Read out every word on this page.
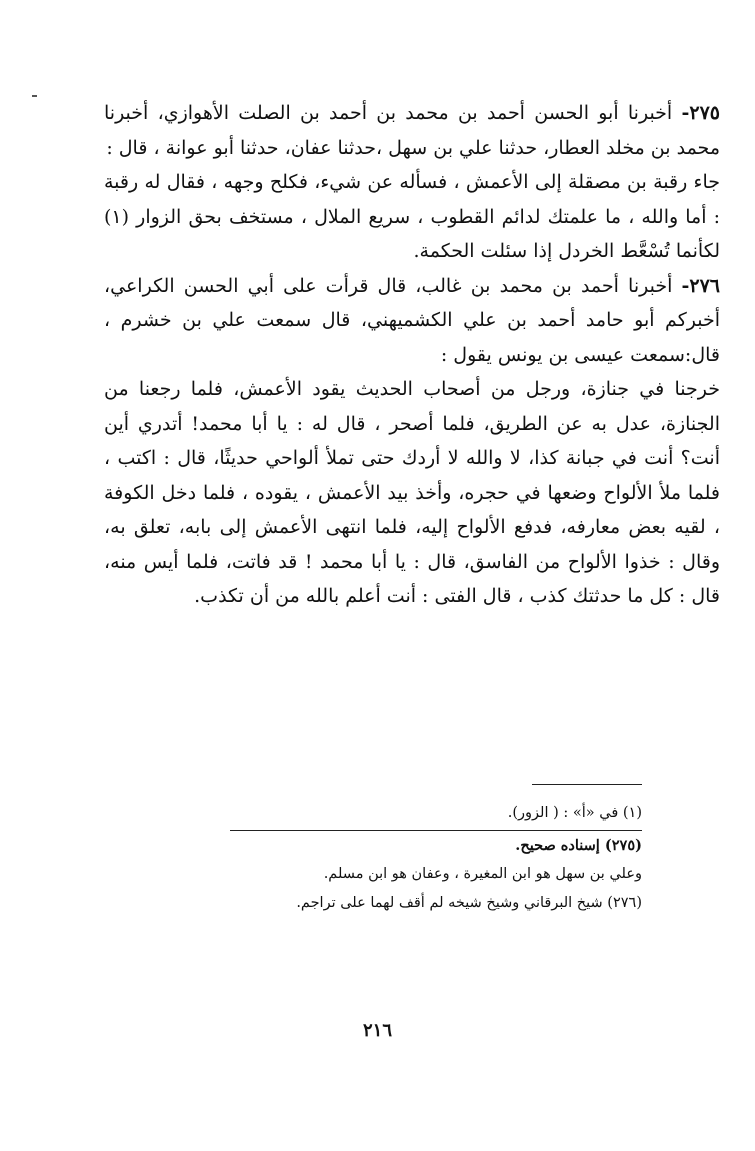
٢٧٥- أخبرنا أبو الحسن أحمد بن محمد بن أحمد بن الصلت الأهوازي، أخبرنا محمد بن مخلد العطار، حدثنا علي بن سهل ،حدثنا عفان، حدثنا أبو عوانة ، قال :

جاء رقبة بن مصقلة إلى الأعمش ، فسأله عن شيء، فكلح وجهه ، فقال له رقبة : أما والله ، ما علمتك لدائم القطوب ، سريع الملال ، مستخف بحق الزوار (١) لكأنما تُسْعَّط الخردل إذا سئلت الحكمة.

٢٧٦- أخبرنا أحمد بن محمد بن غالب، قال قرأت على أبي الحسن الكراعي، أخبركم أبو حامد أحمد بن علي الكشميهني، قال سمعت علي بن خشرم ، قال:سمعت عيسى بن يونس يقول :

خرجنا في جنازة، ورجل من أصحاب الحديث يقود الأعمش، فلما رجعنا من الجنازة، عدل به عن الطريق، فلما أصحر ، قال له : يا أبا محمد! أتدري أين أنت؟ أنت في جبانة كذا، لا والله لا أردك حتى تملأ ألواحي حديثًا، قال : اكتب ، فلما ملأ الألواح وضعها في حجره، وأخذ بيد الأعمش ، يقوده ، فلما دخل الكوفة ، لقيه بعض معارفه، فدفع الألواح إليه، فلما انتهى الأعمش إلى بابه، تعلق به، وقال : خذوا الألواح من الفاسق، قال : يا أبا محمد ! قد فاتت، فلما أيس منه، قال : كل ما حدثتك كذب ، قال الفتى : أنت أعلم بالله من أن تكذب.

(١) في «أ» : ( الزور).

(٢٧٥) إسناده صحيح.

وعلي بن سهل هو ابن المغيرة ، وعفان هو ابن مسلم.

(٢٧٦) شيخ البرقاني وشيخ شيخه لم أقف لهما على تراجم.

٢١٦
